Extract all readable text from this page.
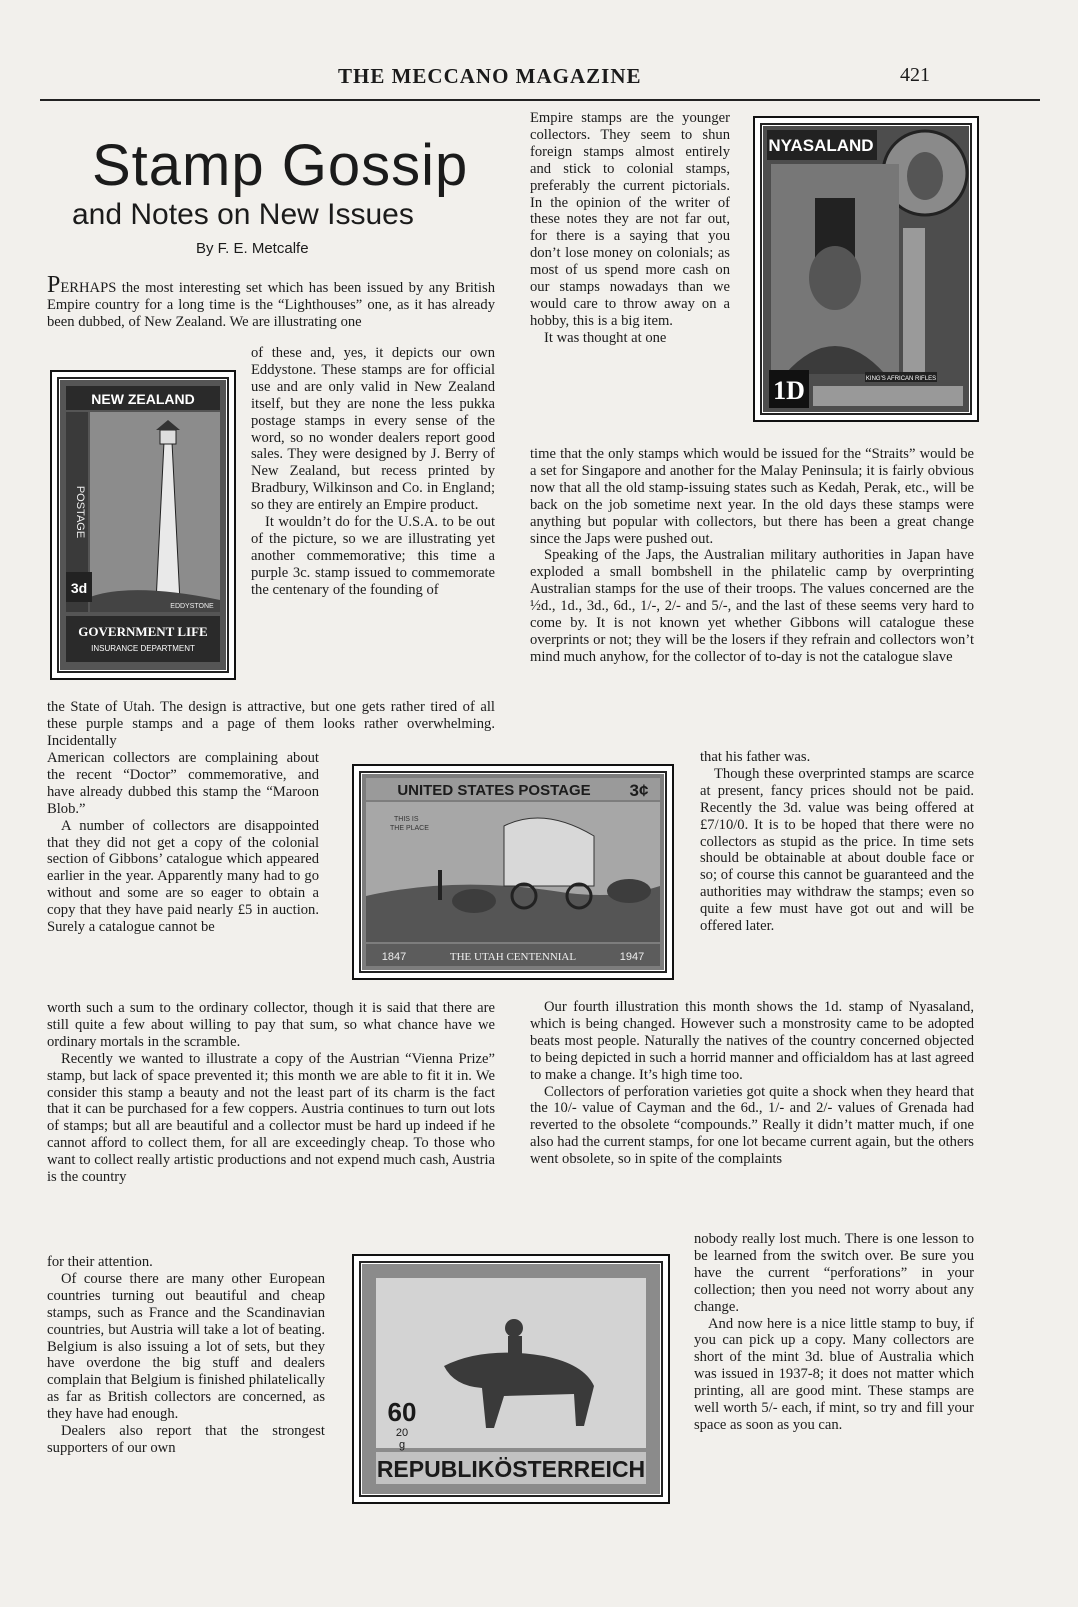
THE MECCANO MAGAZINE	421
Stamp Gossip
and Notes on New Issues
By F. E. Metcalfe

PERHAPS the most interesting set which has been issued by any British Empire country for a long time is the “Lighthouses” one, as it has already been dubbed, of New Zealand. We are illustrating one

of these and, yes, it depicts our own Eddystone. These stamps are for official use and are only valid in New Zealand itself, but they are none the less pukka postage stamps in every sense of the word, so no wonder dealers report good sales. They were designed by J. Berry of New Zealand, but recess printed by Bradbury, Wilkinson and Co. in England; so they are entirely an Empire product.

It wouldn’t do for the U.S.A. to be out of the picture, so we are illustrating yet another commemorative; this time a purple 3c. stamp issued to commemorate the centenary of the founding of

the State of Utah. The design is attractive, but one gets rather tired of all these purple stamps and a page of them looks rather overwhelming. Incidentally

American collectors are complaining about the recent “Doctor” commemorative, and have already dubbed this stamp the “Maroon Blob.”

A number of collectors are disappointed that they did not get a copy of the colonial section of Gibbons’ catalogue which appeared earlier in the year. Apparently many had to go without and some are so eager to obtain a copy that they have paid nearly £5 in auction. Surely a catalogue cannot be

worth such a sum to the ordinary collector, though it is said that there are still quite a few about willing to pay that sum, so what chance have we ordinary mortals in the scramble.

Recently we wanted to illustrate a copy of the Austrian “Vienna Prize” stamp, but lack of space prevented it; this month we are able to fit it in. We consider this stamp a beauty and not the least part of its charm is the fact that it can be purchased for a few coppers. Austria continues to turn out lots of stamps; but all are beautiful and a collector must be hard up indeed if he cannot afford to collect them, for all are exceedingly cheap. To those who want to collect really artistic productions and not expend much cash, Austria is the country

for their attention.

Of course there are many other European countries turning out beautiful and cheap stamps, such as France and the Scandinavian countries, but Austria will take a lot of beating. Belgium is also issuing a lot of sets, but they have overdone the big stuff and dealers complain that Belgium is finished philatelically as far as British collectors are concerned, as they have had enough.

Dealers also report that the strongest supporters of our own

Empire stamps are the younger collectors. They seem to shun foreign stamps almost entirely and stick to colonial stamps, preferably the current pictorials. In the opinion of the writer of these notes they are not far out, for there is a saying that you don’t lose money on colonials; as most of us spend more cash on our stamps nowadays than we would care to throw away on a hobby, this is a big item.

It was thought at one

time that the only stamps which would be issued for the “Straits” would be a set for Singapore and another for the Malay Peninsula; it is fairly obvious now that all the old stamp-issuing states such as Kedah, Perak, etc., will be back on the job sometime next year. In the old days these stamps were anything but popular with collectors, but there has been a great change since the Japs were pushed out.

Speaking of the Japs, the Australian military authorities in Japan have exploded a small bombshell in the philatelic camp by overprinting Australian stamps for the use of their troops. The values concerned are the ½d., 1d., 3d., 6d., 1/-, 2/- and 5/-, and the last of these seems very hard to come by. It is not known yet whether Gibbons will catalogue these overprints or not; they will be the losers if they refrain and collectors won’t mind much anyhow, for the collector of to-day is not the catalogue slave

that his father was.

Though these overprinted stamps are scarce at present, fancy prices should not be paid. Recently the 3d. value was being offered at £7/10/0. It is to be hoped that there were no collectors as stupid as the price. In time sets should be obtainable at about double face or so; of course this cannot be guaranteed and the authorities may withdraw the stamps; even so quite a few must have got out and will be offered later.

Our fourth illustration this month shows the 1d. stamp of Nyasaland, which is being changed. However such a monstrosity came to be adopted beats most people. Naturally the natives of the country concerned objected to being depicted in such a horrid manner and officialdom has at last agreed to make a change. It’s high time too.

Collectors of perforation varieties got quite a shock when they heard that the 10/- value of Cayman and the 6d., 1/- and 2/- values of Grenada had reverted to the obsolete “compounds.” Really it didn’t matter much, if one also had the current stamps, for one lot became current again, but the others went obsolete, so in spite of the complaints

nobody really lost much. There is one lesson to be learned from the switch over. Be sure you have the current “perforations” in your collection; then you need not worry about any change.

And now here is a nice little stamp to buy, if you can pick up a copy. Many collectors are short of the mint 3d. blue of Australia which was issued in 1937-8; it does not matter which printing, all are good mint. These stamps are well worth 5/- each, if mint, so try and fill your space as soon as you can.

NEW ZEALAND
POSTAGE
3d
EDDYSTONE
GOVERNMENT LIFE
INSURANCE DEPARTMENT
UNITED STATES POSTAGE 3¢
THIS IS
THE PLACE
1847	THE UTAH CENTENNIAL	1947
NYASALAND
KING'S AFRICAN RIFLES
1D
60
20
g
REPUBLIKÖSTERREICH
